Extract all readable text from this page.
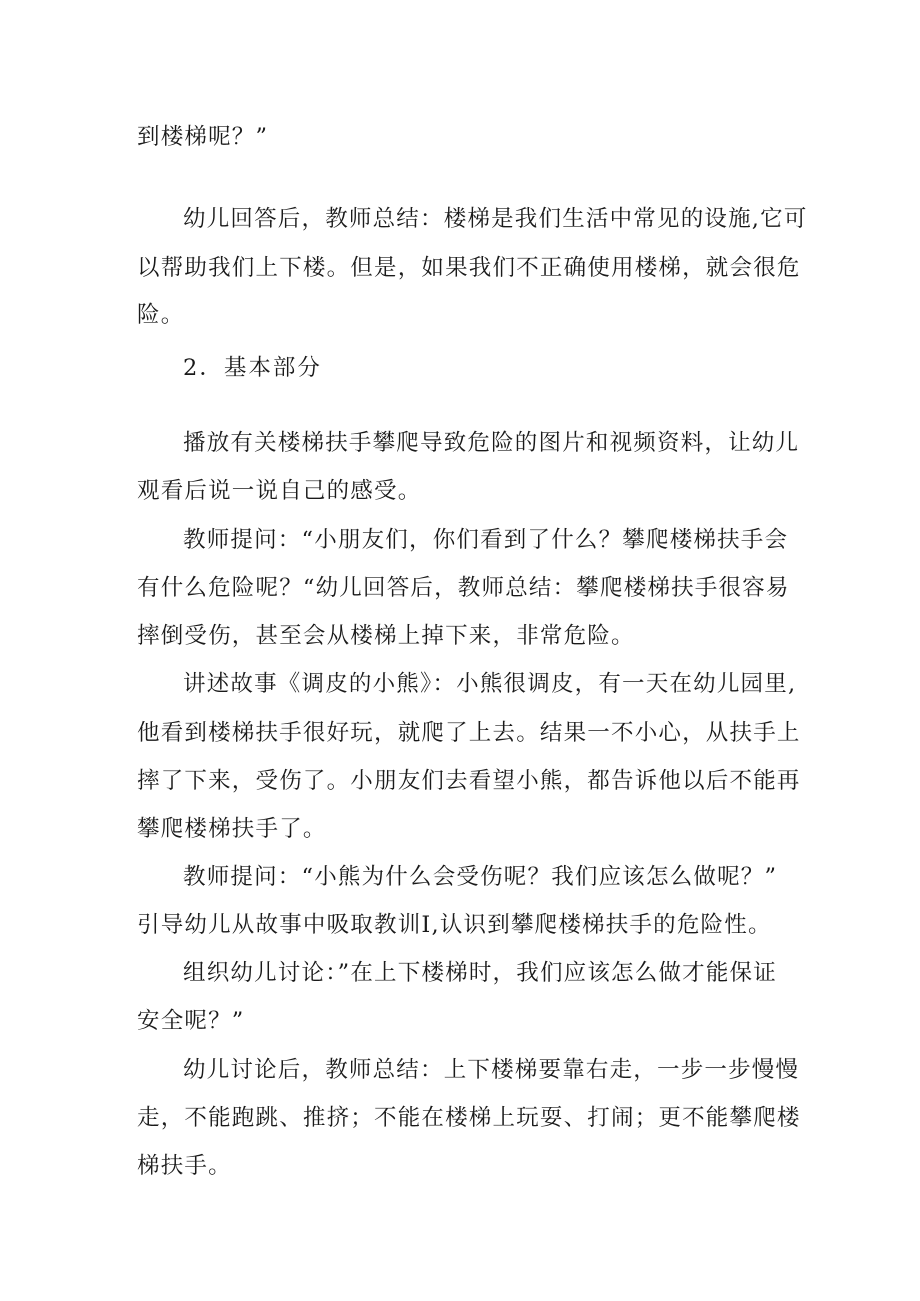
到楼梯呢？”
幼儿回答后，教师总结：楼梯是我们生活中常见的设施,它可
以帮助我们上下楼。但是，如果我们不正确使用楼梯，就会很危
险。
2．基本部分
播放有关楼梯扶手攀爬导致危险的图片和视频资料，让幼儿
观看后说一说自己的感受。
教师提问：“小朋友们，你们看到了什么？攀爬楼梯扶手会
有什么危险呢？“幼儿回答后，教师总结：攀爬楼梯扶手很容易
摔倒受伤，甚至会从楼梯上掉下来，非常危险。
讲述故事《调皮的小熊》：小熊很调皮，有一天在幼儿园里,
他看到楼梯扶手很好玩，就爬了上去。结果一不小心，从扶手上
摔了下来，受伤了。小朋友们去看望小熊，都告诉他以后不能再
攀爬楼梯扶手了。
教师提问：“小熊为什么会受伤呢？我们应该怎么做呢？”
引导幼儿从故事中吸取教训I,认识到攀爬楼梯扶手的危险性。
组织幼儿讨论：”在上下楼梯时，我们应该怎么做才能保证
安全呢？”
幼儿讨论后，教师总结：上下楼梯要靠右走，一步一步慢慢
走，不能跑跳、推挤；不能在楼梯上玩耍、打闹；更不能攀爬楼
梯扶手。
